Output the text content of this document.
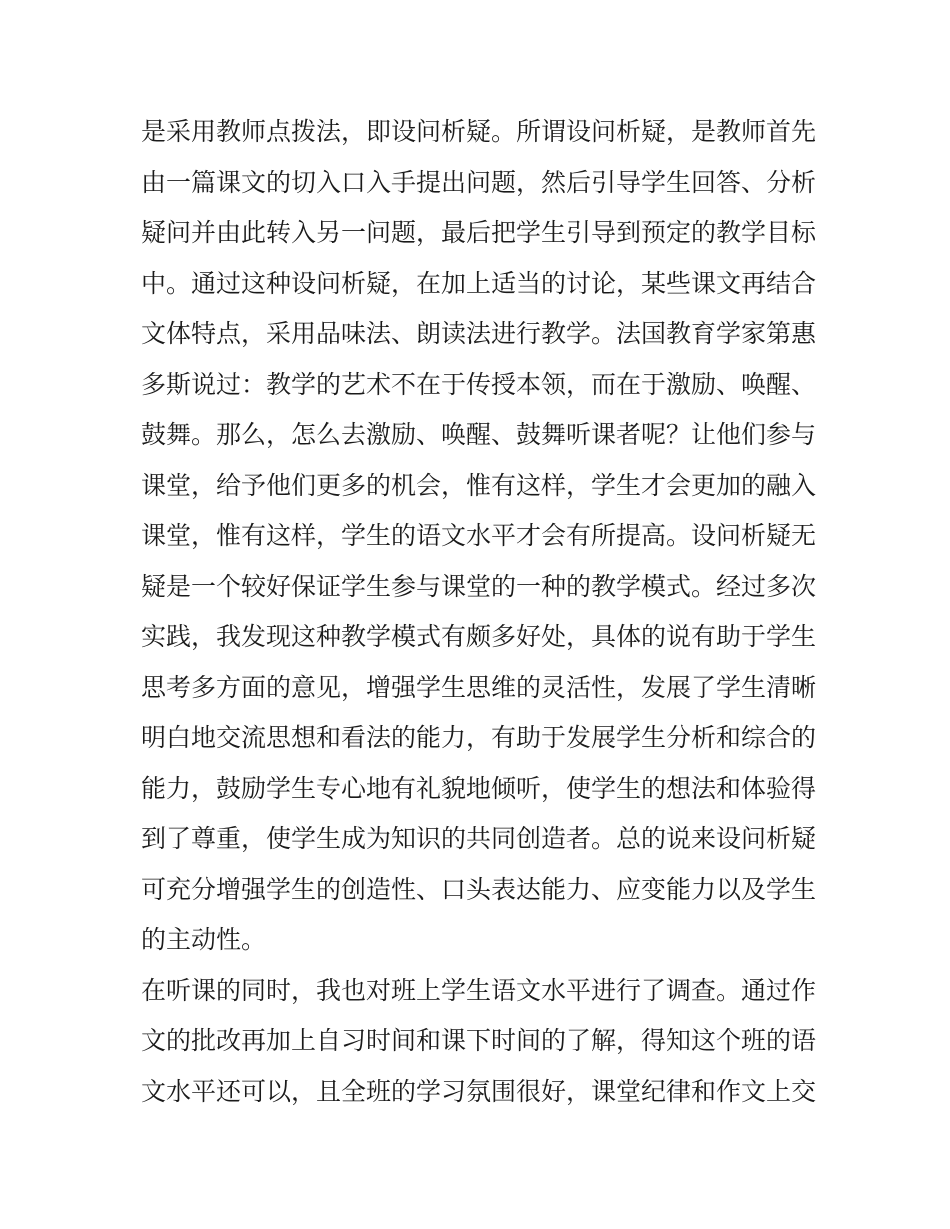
是采用教师点拨法，即设问析疑。所谓设问析疑，是教师首先
由一篇课文的切入口入手提出问题，然后引导学生回答、分析
疑问并由此转入另一问题，最后把学生引导到预定的教学目标
中。通过这种设问析疑，在加上适当的讨论，某些课文再结合
文体特点，采用品味法、朗读法进行教学。法国教育学家第惠
多斯说过：教学的艺术不在于传授本领，而在于激励、唤醒、
鼓舞。那么，怎么去激励、唤醒、鼓舞听课者呢？让他们参与
课堂，给予他们更多的机会，惟有这样，学生才会更加的融入
课堂，惟有这样，学生的语文水平才会有所提高。设问析疑无
疑是一个较好保证学生参与课堂的一种的教学模式。经过多次
实践，我发现这种教学模式有颇多好处，具体的说有助于学生
思考多方面的意见，增强学生思维的灵活性，发展了学生清晰
明白地交流思想和看法的能力，有助于发展学生分析和综合的
能力，鼓励学生专心地有礼貌地倾听，使学生的想法和体验得
到了尊重，使学生成为知识的共同创造者。总的说来设问析疑
可充分增强学生的创造性、口头表达能力、应变能力以及学生
的主动性。
在听课的同时，我也对班上学生语文水平进行了调查。通过作
文的批改再加上自习时间和课下时间的了解，得知这个班的语
文水平还可以，且全班的学习氛围很好，课堂纪律和作文上交
